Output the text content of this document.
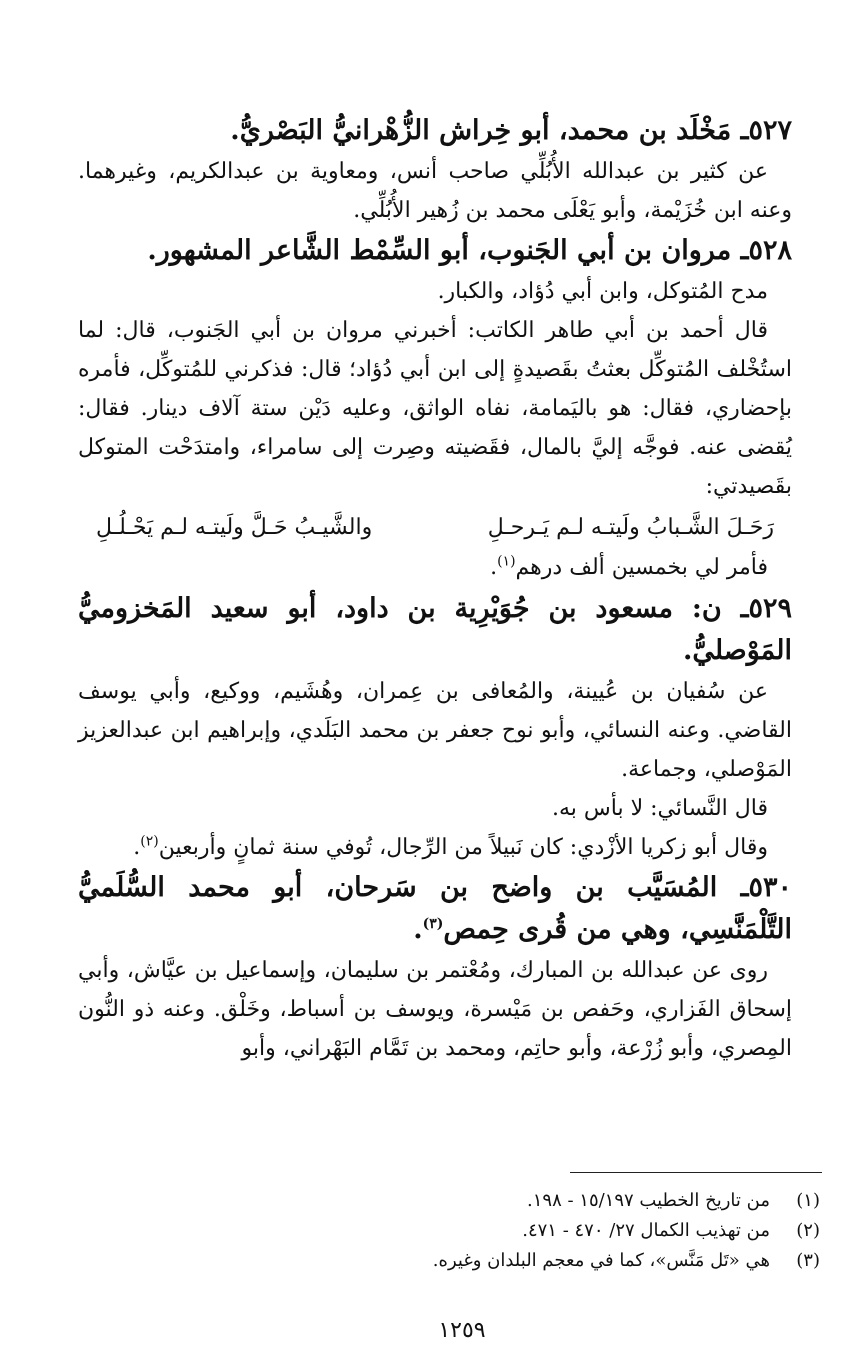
٥٢٧ـ مَخْلَد بن محمد، أبو خِراش الزُّهْرانيُّ البَصْريُّ.

عن كثير بن عبدالله الأُبُلِّي صاحب أنس، ومعاوية بن عبدالكريم، وغيرهما. وعنه ابن خُزَيْمة، وأبو يَعْلَى محمد بن زُهير الأُبُلِّي.

٥٢٨ـ مروان بن أبي الجَنوب، أبو السِّمْط الشَّاعر المشهور.

مدح المُتوكل، وابن أبي دُؤاد، والكبار.

قال أحمد بن أبي طاهر الكاتب: أخبرني مروان بن أبي الجَنوب، قال: لما استُخْلف المُتوكِّل بعثتُ بقَصيدةٍ إلى ابن أبي دُؤاد؛ قال: فذكرني للمُتوكِّل، فأمره بإحضاري، فقال: هو باليَمامة، نفاه الواثق، وعليه دَيْن ستة آلاف دينار. فقال: يُقضى عنه. فوجَّه إليَّ بالمال، فقَضيته وصِرت إلى سامراء، وامتدَحْت المتوكل بقَصيدتي:

رَحَـلَ الشَّـبابُ ولَيتـه لـم يَـرحـلِ
والشَّيـبُ حَـلَّ ولَيتـه لـم يَحْـلُـلِ

فأمر لي بخمسين ألف درهم$^{(١)}$.

٥٢٩ـ ن: مسعود بن جُوَيْرِية بن داود، أبو سعيد المَخزوميُّ المَوْصليُّ.

عن سُفيان بن عُيينة، والمُعافى بن عِمران، وهُشَيم، ووكيع، وأبي يوسف القاضي. وعنه النسائي، وأبو نوح جعفر بن محمد البَلَدي، وإبراهيم ابن عبدالعزيز المَوْصلي، وجماعة.

قال النَّسائي: لا بأس به.

وقال أبو زكريا الأزْدي: كان نَبيلاً من الرِّجال، تُوفي سنة ثمانٍ وأربعين$^{(٢)}$.

٥٣٠ـ المُسَيَّب بن واضح بن سَرحان، أبو محمد السُّلَميُّ التَّلْمَنَّسِي، وهي من قُرى حِمص$^{(٣)}$.

روى عن عبدالله بن المبارك، ومُعْتمر بن سليمان، وإسماعيل بن عيَّاش، وأبي إسحاق الفَزاري، وحَفص بن مَيْسرة، ويوسف بن أسباط، وخَلْق. وعنه ذو النُّون المِصري، وأبو زُرْعة، وأبو حاتِم، ومحمد بن تَمَّام البَهْراني، وأبو

(١)
من تاريخ الخطيب ١٥/١٩٧ - ١٩٨.

(٢)
من تهذيب الكمال ٢٧/ ٤٧٠ - ٤٧١.

(٣)
هي «تَل مَنَّس»، كما في معجم البلدان وغيره.

١٢٥٩
